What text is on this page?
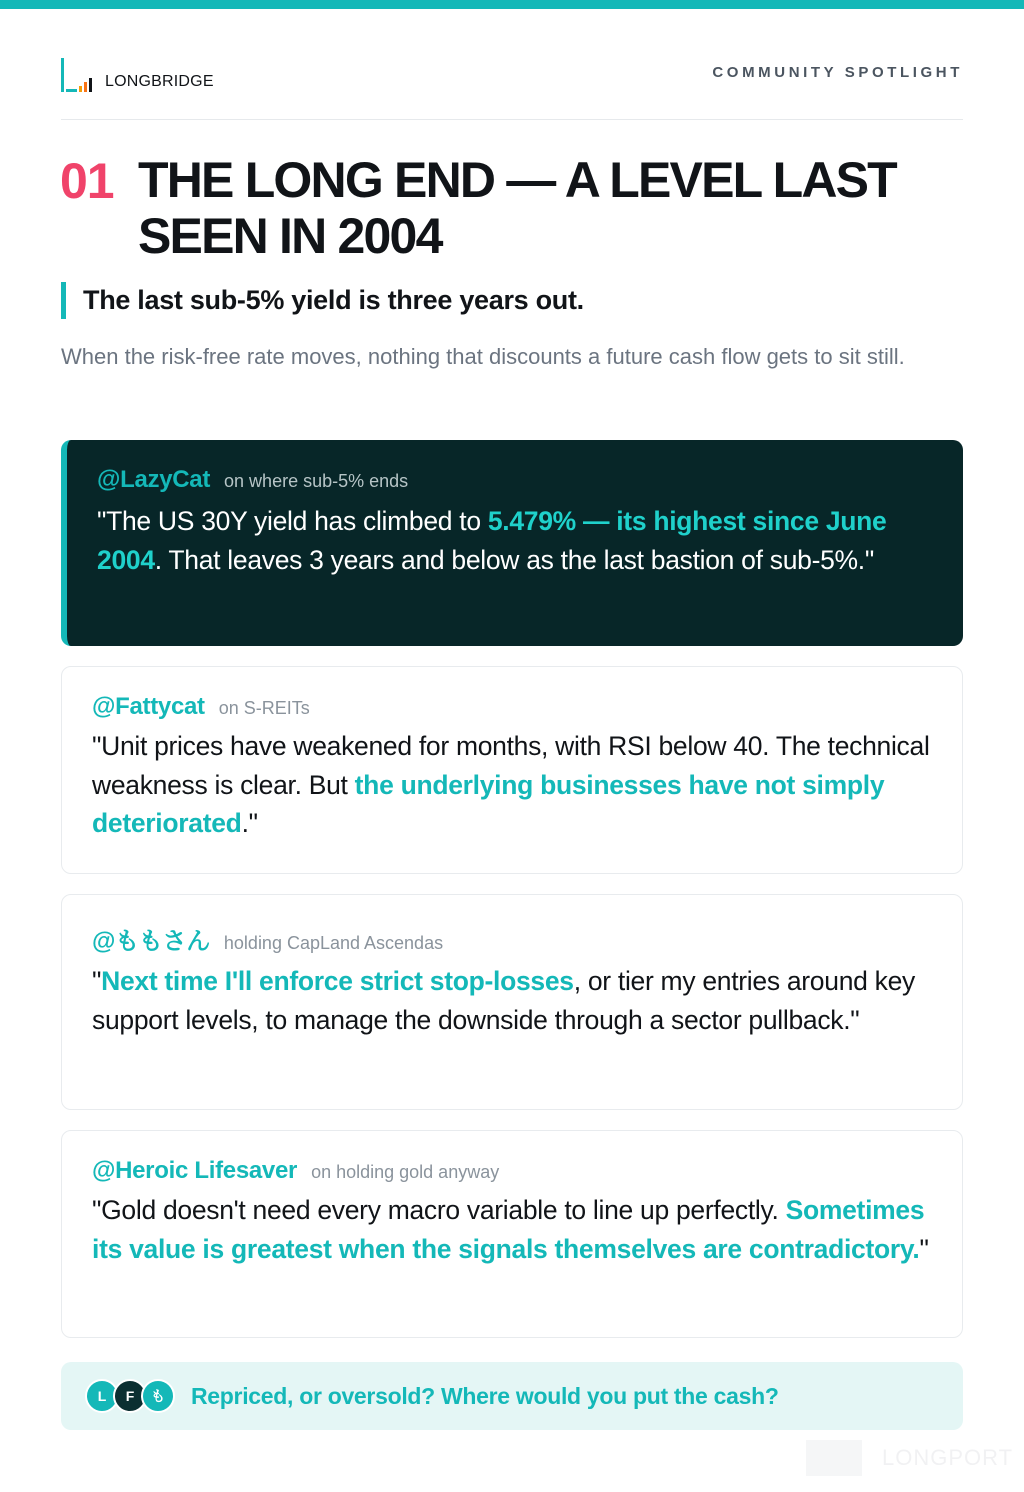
LONGBRIDGE
COMMUNITY SPOTLIGHT
01 THE LONG END — A LEVEL LAST SEEN IN 2004
The last sub-5% yield is three years out.

When the risk-free rate moves, nothing that discounts a future cash flow gets to sit still.

@LazyCat on where sub-5% ends

"The US 30Y yield has climbed to 5.479% — its highest since June 2004. That leaves 3 years and below as the last bastion of sub-5%."

@Fattycat on S-REITs

"Unit prices have weakened for months, with RSI below 40. The technical weakness is clear. But the underlying businesses have not simply deteriorated."

@ももさん holding CapLand Ascendas

"Next time I'll enforce strict stop-losses, or tier my entries around key support levels, to manage the downside through a sector pullback."

@Heroic Lifesaver on holding gold anyway

"Gold doesn't need every macro variable to line up perfectly. Sometimes its value is greatest when the signals themselves are contradictory."

L	F	も	Repriced, or oversold? Where would you put the cash?
LONGPORT
